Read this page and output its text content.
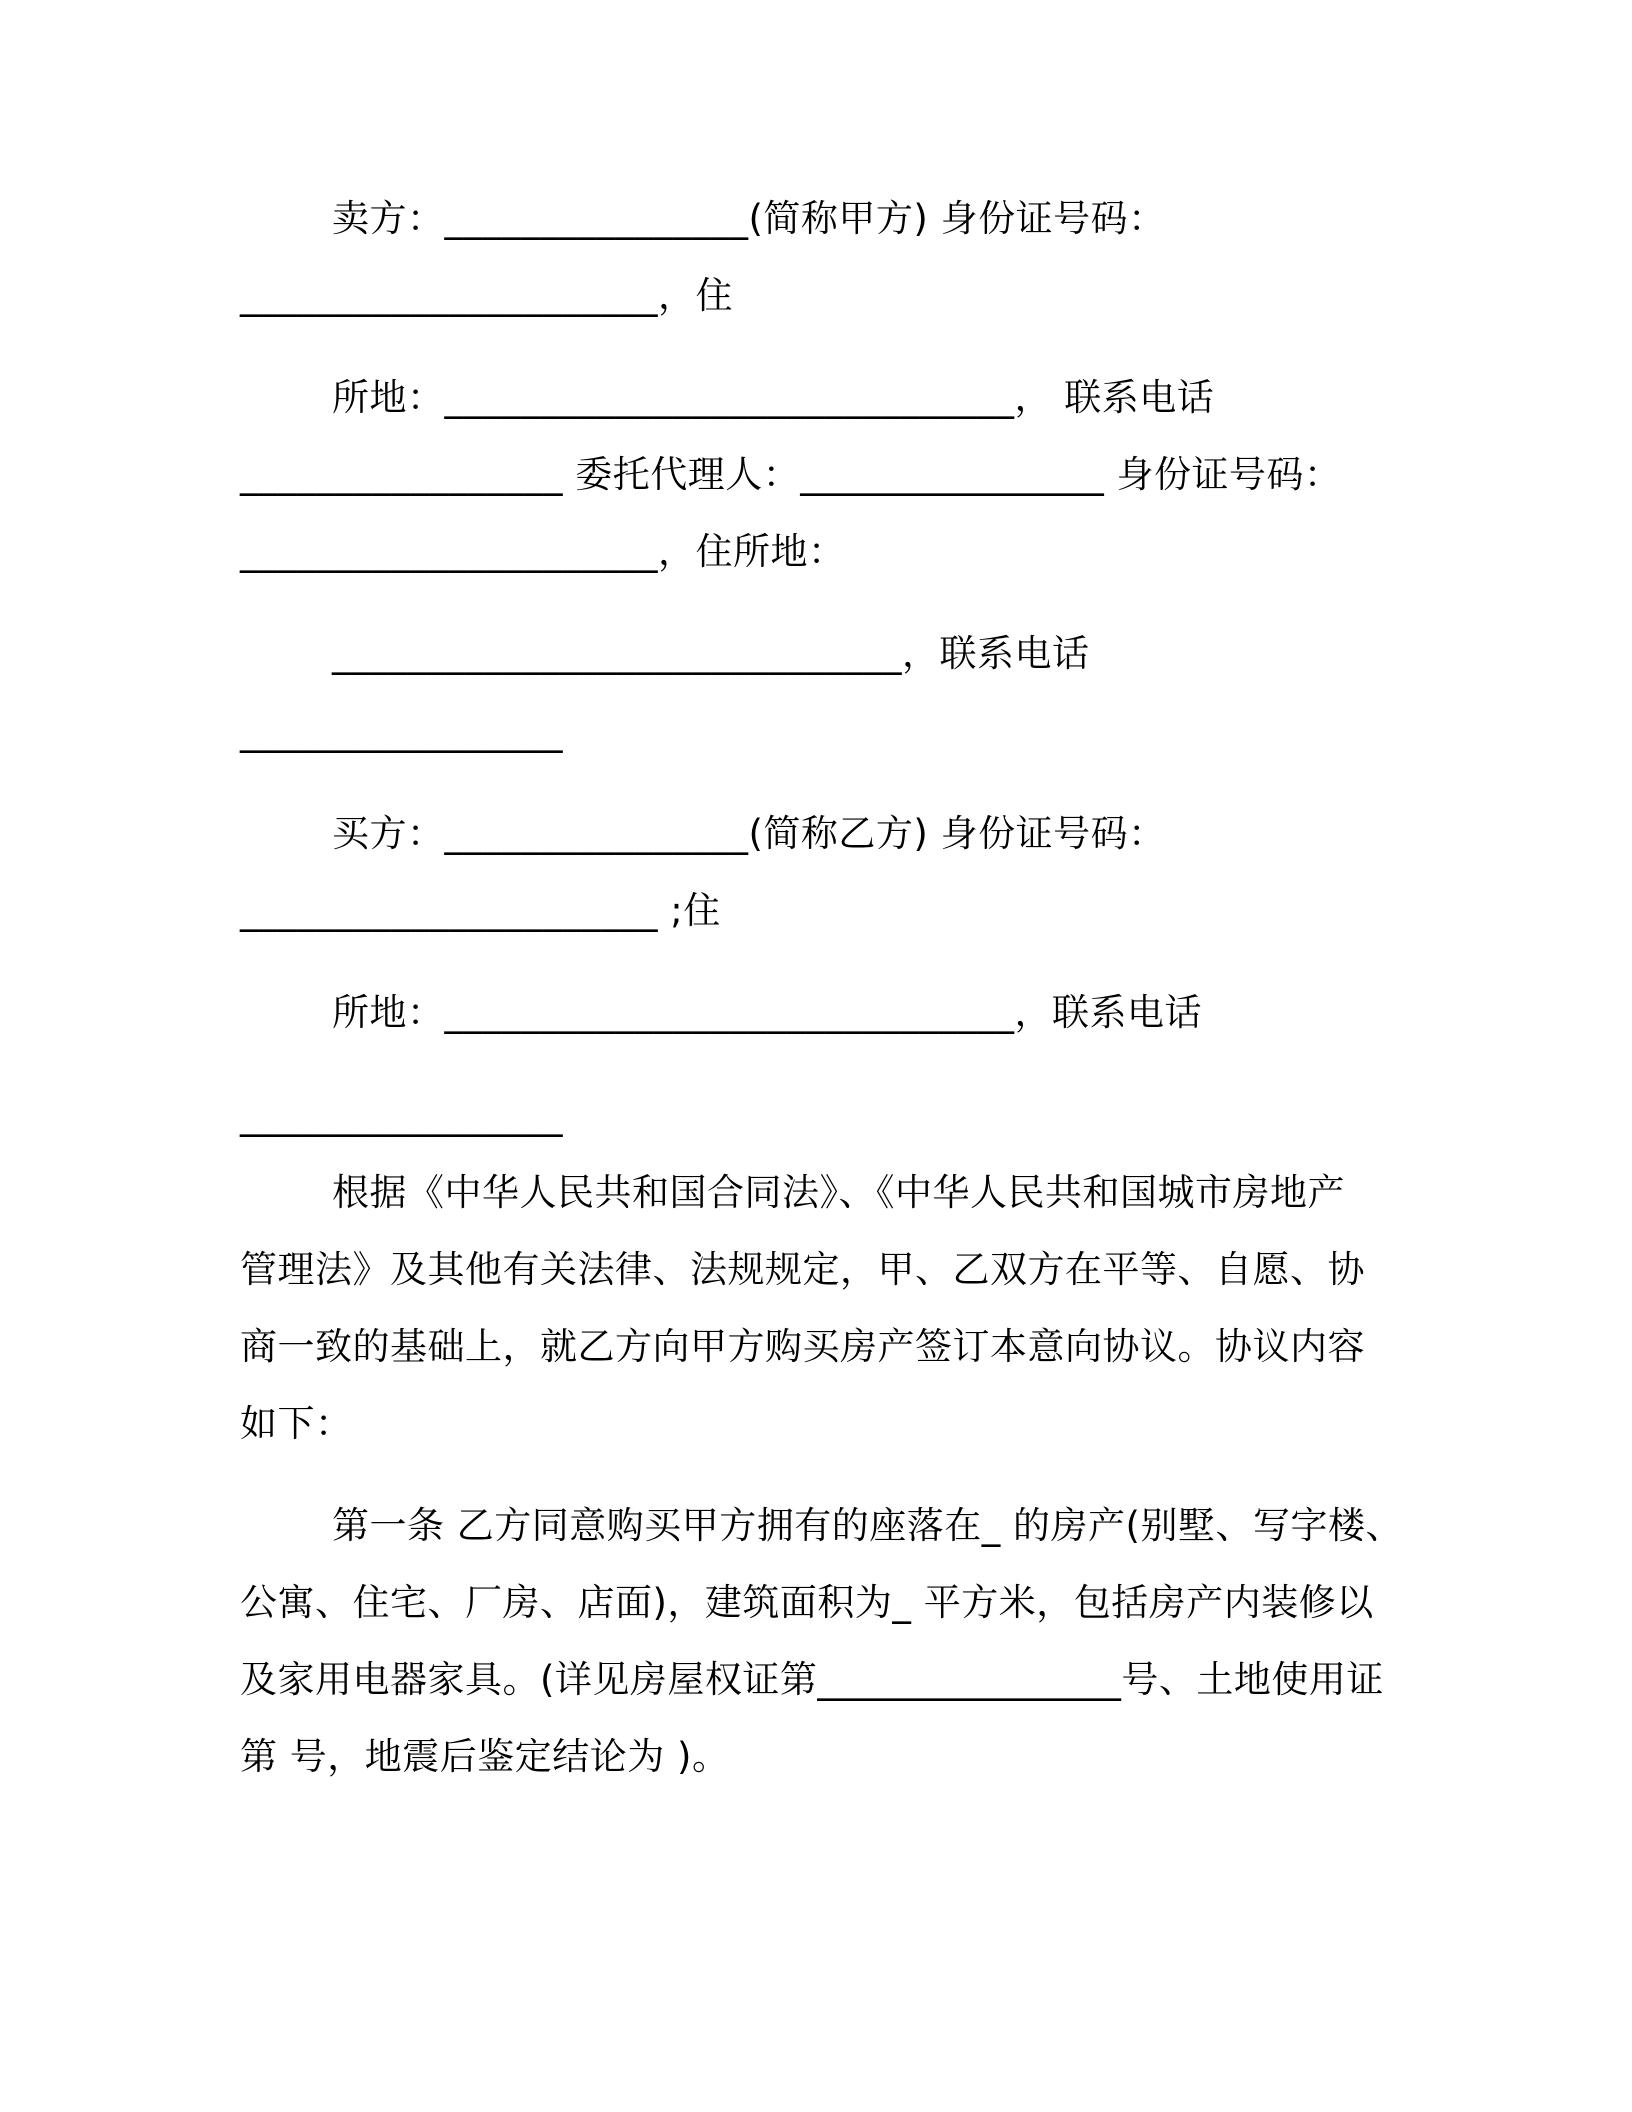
卖方：________________(简称甲方) 身份证号码：
______________________，住
所地：______________________________， 联系电话
_________________ 委托代理人：________________ 身份证号码：
______________________，住所地：
______________________________，联系电话
_________________
买方：________________(简称乙方) 身份证号码：
______________________ ;住
所地：______________________________，联系电话
_________________
根据《中华人民共和国合同法》、《中华人民共和国城市房地产
管理法》及其他有关法律、法规规定，甲、乙双方在平等、自愿、协
商一致的基础上，就乙方向甲方购买房产签订本意向协议。协议内容
如下：
第一条 乙方同意购买甲方拥有的座落在_ 的房产(别墅、写字楼、
公寓、住宅、厂房、店面)，建筑面积为_ 平方米，包括房产内装修以
及家用电器家具。(详见房屋权证第________________号、土地使用证
第 号，地震后鉴定结论为 )。
